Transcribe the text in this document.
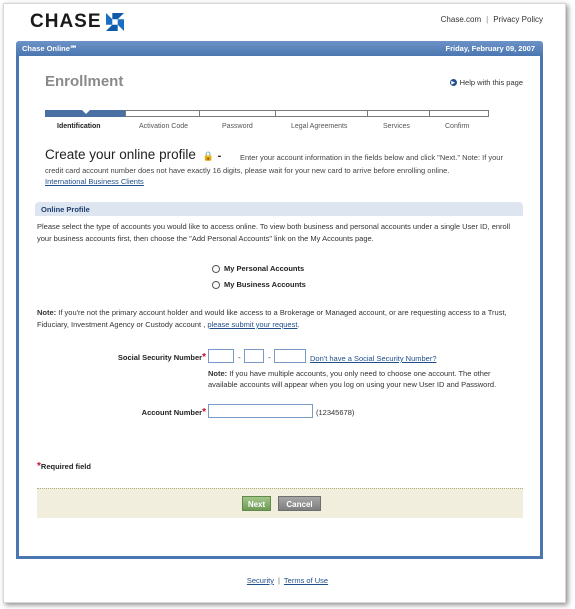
CHASE	Chase.com | Privacy Policy
Chase Online℠	Friday, February 09, 2007
Enrollment	▶ Help with this page
Identification	Activation Code	Password	Legal Agreements	Services	Confirm
Create your online profile 🔒 -	Enter your account information in the fields below and click "Next." Note: If your credit card account number does not have exactly 16 digits, please wait for your new card to arrive before enrolling online.
International Business Clients
Online Profile
Please select the type of accounts you would like to access online. To view both business and personal accounts under a single User ID, enroll your business accounts first, then choose the "Add Personal Accounts" link on the My Accounts page.
My Personal Accounts
My Business Accounts
Note: If you're not the primary account holder and would like access to a Brokerage or Managed account, or are requesting access to a Trust, Fiduciary, Investment Agency or Custody account , please submit your request.
Social Security Number*	-	-	Don't have a Social Security Number?
Note: If you have multiple accounts, you only need to choose one account. The other available accounts will appear when you log on using your new User ID and Password.
Account Number*	(12345678)
*Required field
Next	Cancel
Security | Terms of Use
